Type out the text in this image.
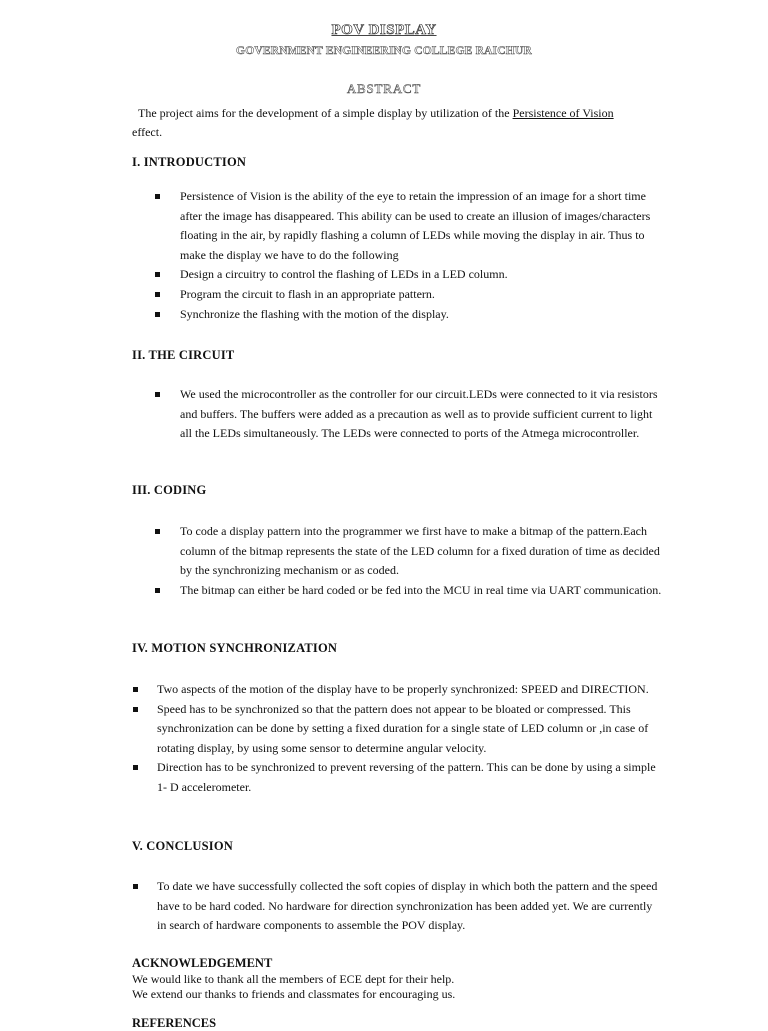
POV DISPLAY
GOVERNMENT ENGINEERING COLLEGE RAICHUR
ABSTRACT
The project aims for the development of a simple display by utilization of the Persistence of Vision
effect.
I. INTRODUCTION
Persistence of Vision is the ability of the eye to retain the impression of an image for a short time after the image has disappeared. This ability can be used to create an illusion of images/characters floating in the air, by rapidly flashing a column of LEDs while moving the display in air. Thus to make the display we have to do the following
Design a circuitry to control the flashing of LEDs in a LED column.
Program the circuit to flash in an appropriate pattern.
Synchronize the flashing with the motion of the display.
II. THE CIRCUIT
We used the microcontroller as the controller for our circuit.LEDs were connected to it via resistors and buffers. The buffers were added as a precaution as well as to provide sufficient current to light all the LEDs simultaneously. The LEDs were connected to ports of the Atmega microcontroller.
III. CODING
To code a display pattern into the programmer we first have to make a bitmap of the pattern.Each column of the bitmap represents the state of the LED column for a fixed duration of time as decided by the synchronizing mechanism or as coded.
The bitmap can either be hard coded or be fed into the MCU in real time via UART communication.
IV. MOTION SYNCHRONIZATION
Two aspects of the motion of the display have to be properly synchronized: SPEED and DIRECTION.
Speed has to be synchronized so that the pattern does not appear to be bloated or compressed. This synchronization can be done by setting a fixed duration for a single state of LED column or ,in case of rotating display, by using some sensor to determine angular velocity.
Direction has to be synchronized to prevent reversing of the pattern. This can be done by using a simple 1- D accelerometer.
V. CONCLUSION
To date we have successfully collected the soft copies of display in which both the pattern and the speed have to be hard coded. No hardware for direction synchronization has been added yet. We are currently in search of hardware components to assemble the POV display.
ACKNOWLEDGEMENT
We would like to thank all the members of ECE dept for their help.
We extend our thanks to friends and classmates for encouraging us.
REFERENCES
